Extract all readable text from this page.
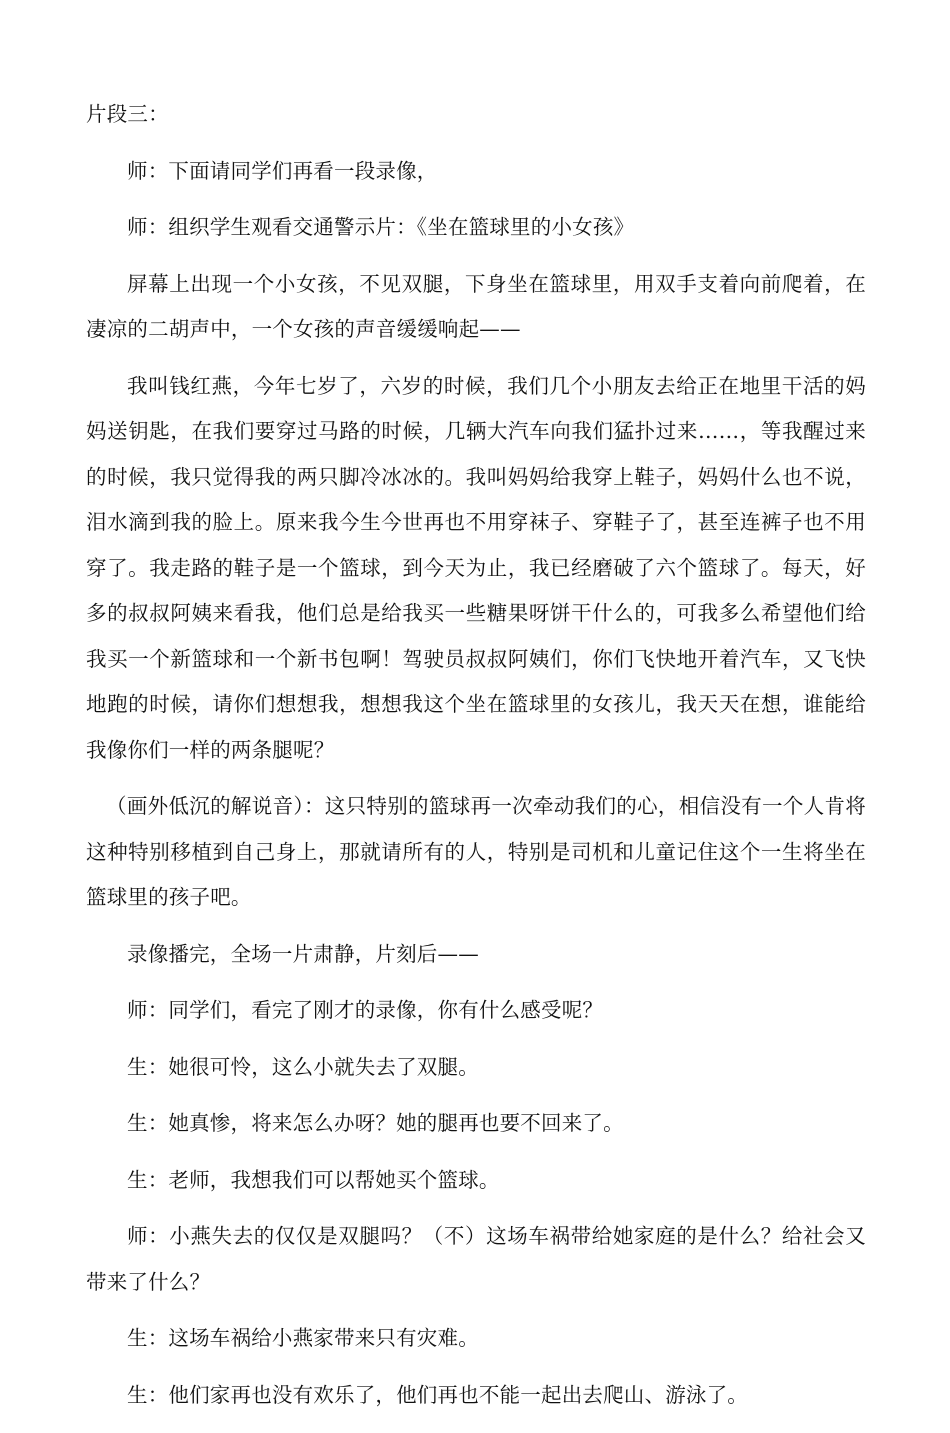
片段三：

师：下面请同学们再看一段录像，

师：组织学生观看交通警示片：《坐在篮球里的小女孩》

屏幕上出现一个小女孩，不见双腿，下身坐在篮球里，用双手支着向前爬着，在凄凉的二胡声中，一个女孩的声音缓缓响起——

我叫钱红燕，今年七岁了，六岁的时候，我们几个小朋友去给正在地里干活的妈妈送钥匙，在我们要穿过马路的时候，几辆大汽车向我们猛扑过来……，等我醒过来的时候，我只觉得我的两只脚冷冰冰的。我叫妈妈给我穿上鞋子，妈妈什么也不说，泪水滴到我的脸上。原来我今生今世再也不用穿袜子、穿鞋子了，甚至连裤子也不用穿了。我走路的鞋子是一个篮球，到今天为止，我已经磨破了六个篮球了。每天，好多的叔叔阿姨来看我，他们总是给我买一些糖果呀饼干什么的，可我多么希望他们给我买一个新篮球和一个新书包啊！驾驶员叔叔阿姨们，你们飞快地开着汽车，又飞快地跑的时候，请你们想想我，想想我这个坐在篮球里的女孩儿，我天天在想，谁能给我像你们一样的两条腿呢？

（画外低沉的解说音）：这只特别的篮球再一次牵动我们的心，相信没有一个人肯将这种特别移植到自己身上，那就请所有的人，特别是司机和儿童记住这个一生将坐在篮球里的孩子吧。

录像播完，全场一片肃静，片刻后——

师：同学们，看完了刚才的录像，你有什么感受呢？

生：她很可怜，这么小就失去了双腿。

生：她真惨，将来怎么办呀？她的腿再也要不回来了。

生：老师，我想我们可以帮她买个篮球。

师：小燕失去的仅仅是双腿吗？（不）这场车祸带给她家庭的是什么？给社会又带来了什么？

生：这场车祸给小燕家带来只有灾难。

生：他们家再也没有欢乐了，他们再也不能一起出去爬山、游泳了。
